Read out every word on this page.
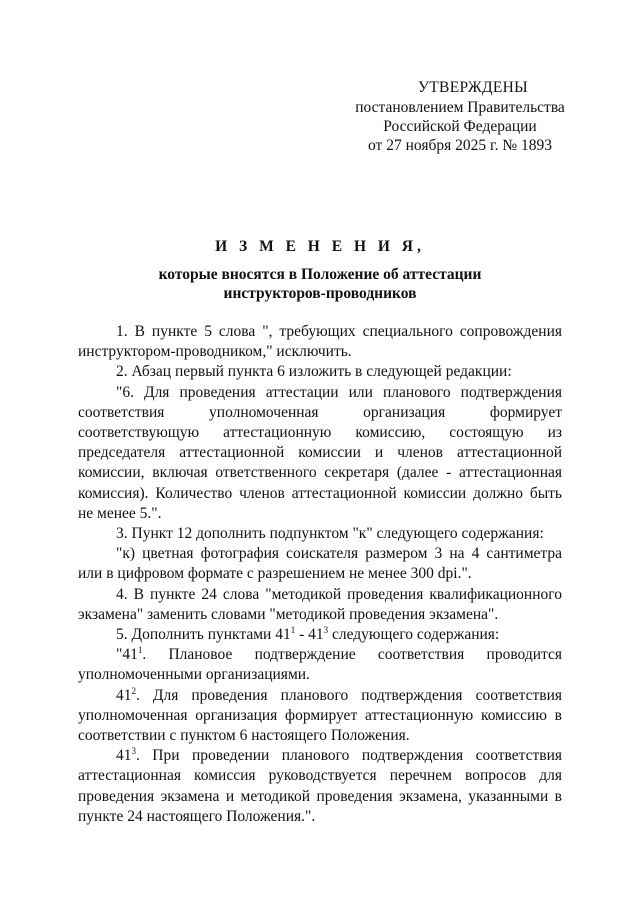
УТВЕРЖДЕНЫ
постановлением Правительства
Российской Федерации
от 27 ноября 2025 г. № 1893
И З М Е Н Е Н И Я,
которые вносятся в Положение об аттестации
инструкторов-проводников

1. В пункте 5 слова ", требующих специального сопровождения инструктором-проводником," исключить.

2. Абзац первый пункта 6 изложить в следующей редакции:

"6. Для проведения аттестации или планового подтверждения соответствия уполномоченная организация формирует соответствующую аттестационную комиссию, состоящую из председателя аттестационной комиссии и членов аттестационной комиссии, включая ответственного секретаря (далее - аттестационная комиссия). Количество членов аттестационной комиссии должно быть не менее 5.".

3. Пункт 12 дополнить подпунктом "к" следующего содержания:

"к) цветная фотография соискателя размером 3 на 4 сантиметра или в цифровом формате с разрешением не менее 300 dpi.".

4. В пункте 24 слова "методикой проведения квалификационного экзамена" заменить словами "методикой проведения экзамена".

5. Дополнить пунктами $41^1 - 41^3$ следующего содержания:

"$41^1$. Плановое подтверждение соответствия проводится уполномоченными организациями.

$41^2$. Для проведения планового подтверждения соответствия уполномоченная организация формирует аттестационную комиссию в соответствии с пунктом 6 настоящего Положения.

$41^3$. При проведении планового подтверждения соответствия аттестационная комиссия руководствуется перечнем вопросов для проведения экзамена и методикой проведения экзамена, указанными в пункте 24 настоящего Положения.".
